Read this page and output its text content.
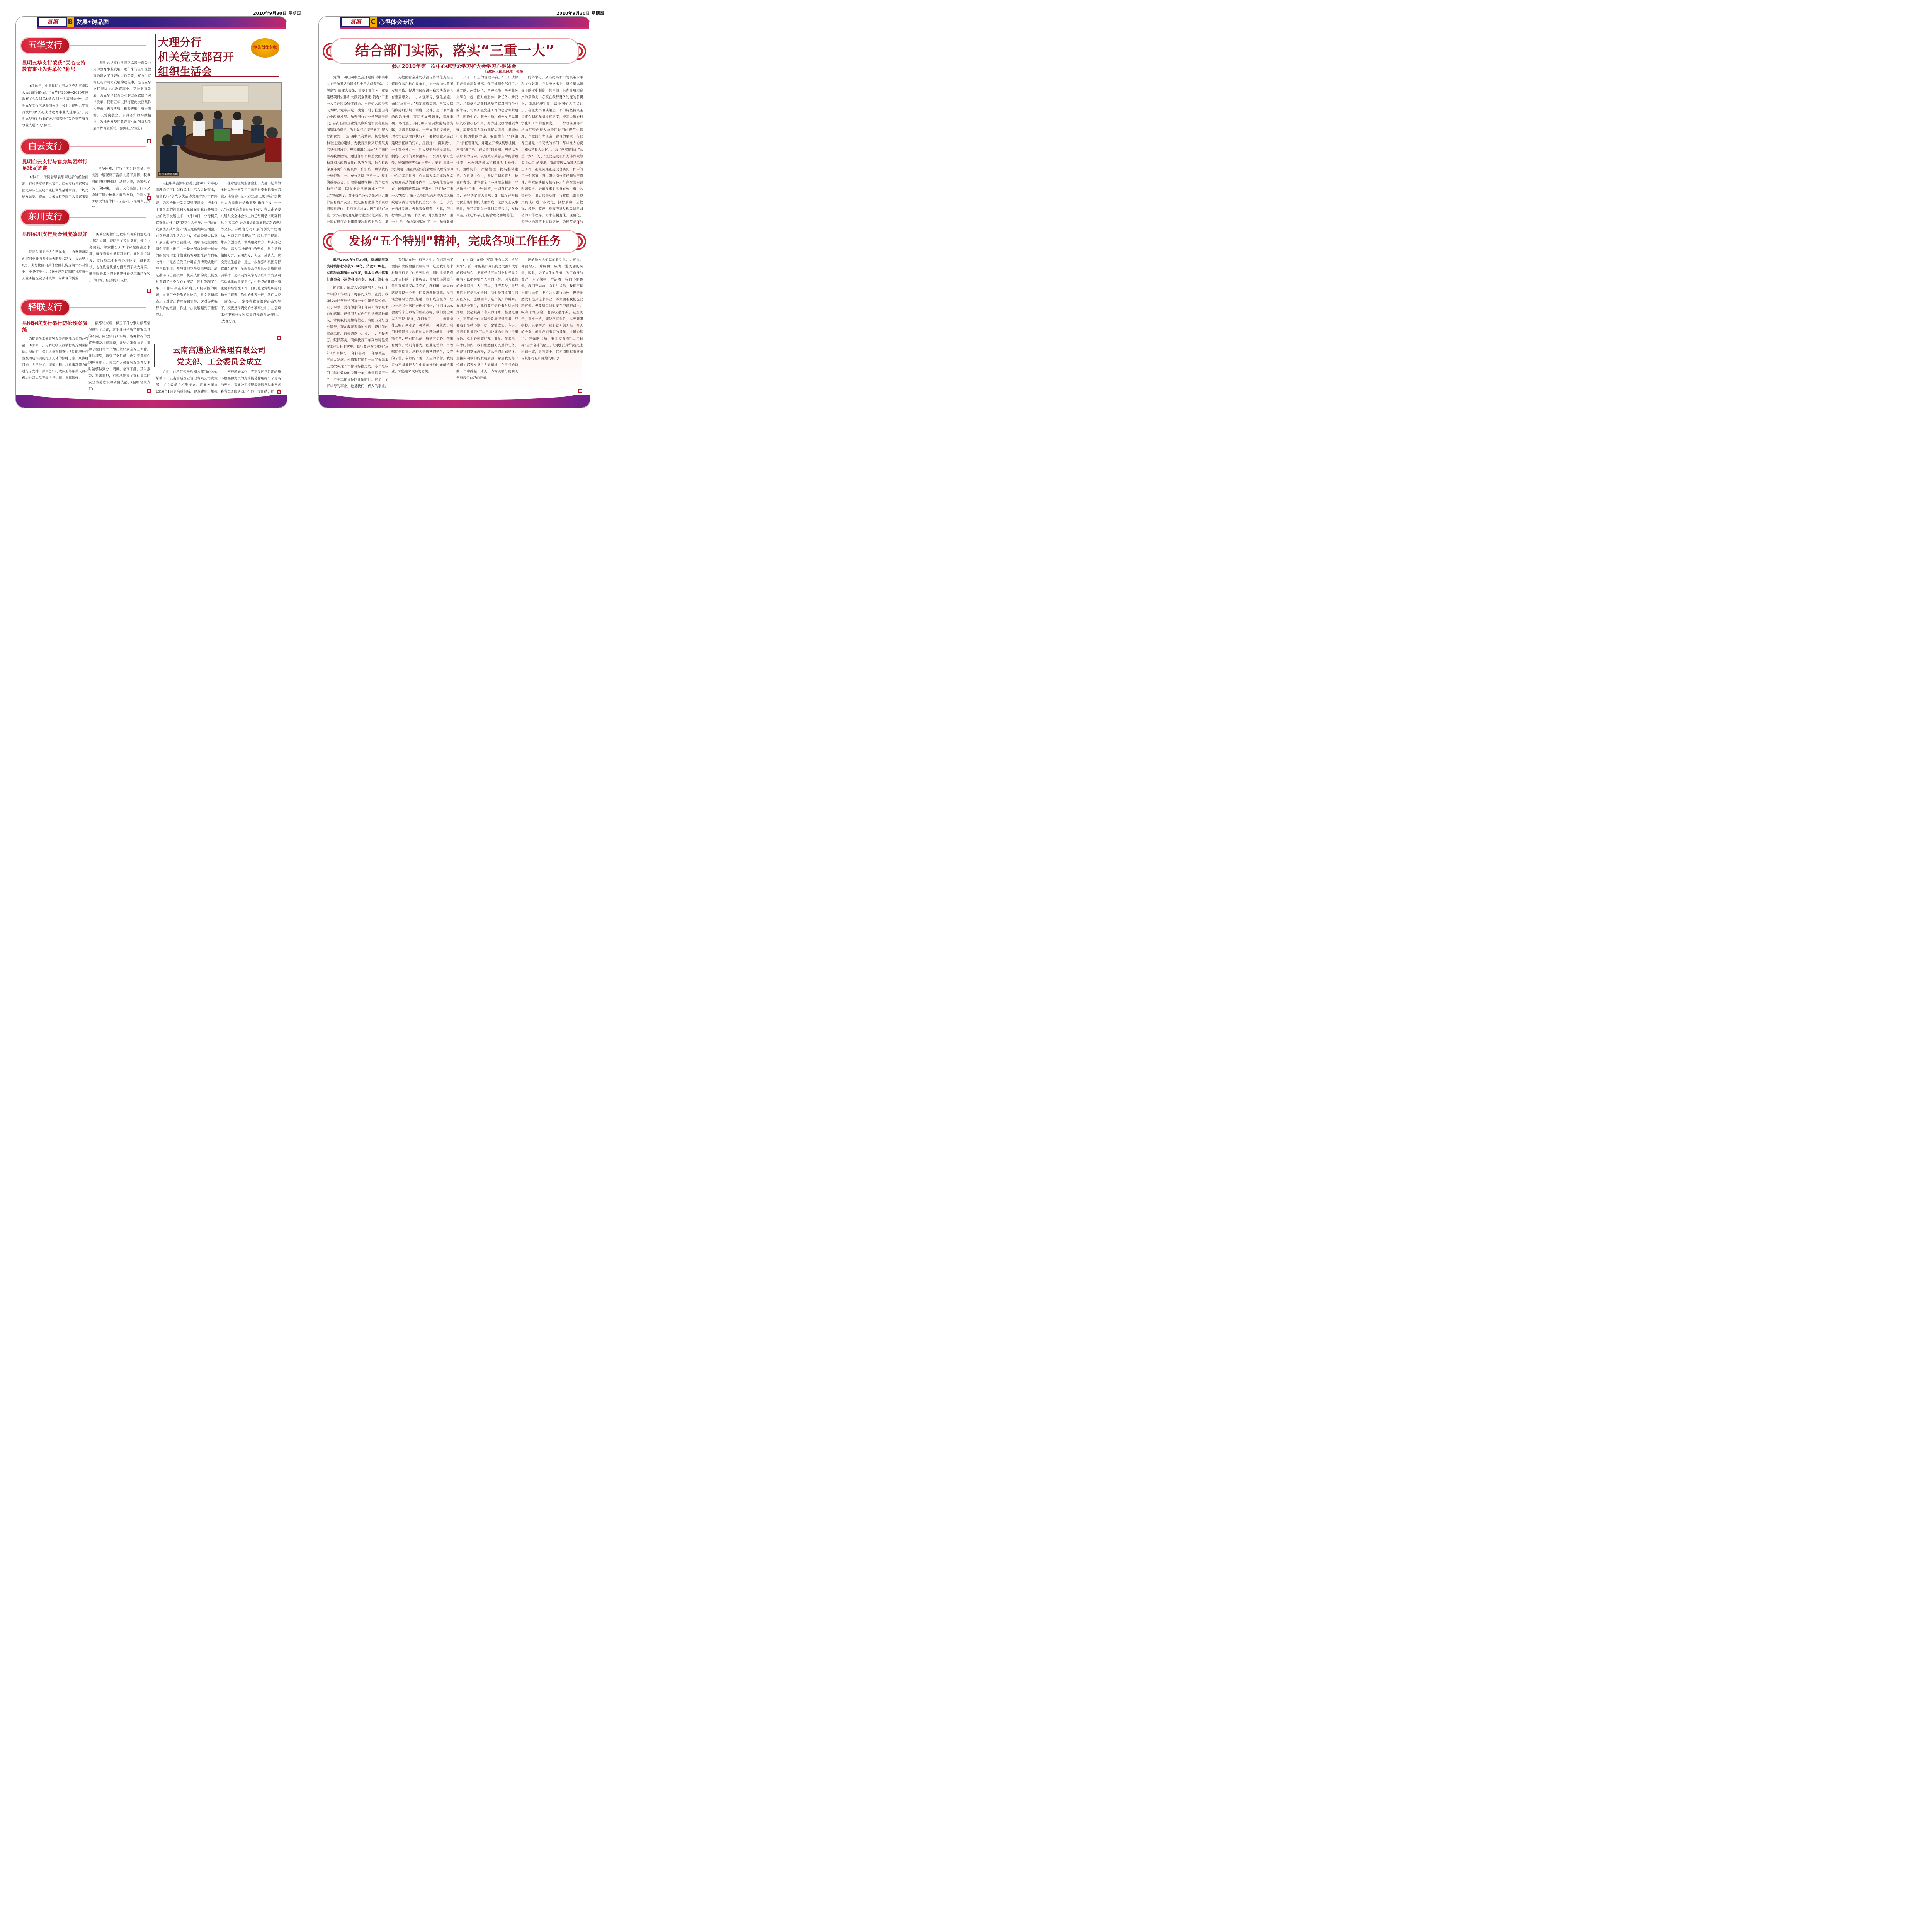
2010年9月30日 星期四	2010年9月30日 星期四
富滇	B 发展•铸品牌
五华支行
昆明五华支行荣获“关心支持教育事业先进单位”称号

9月10日，中共昆明市五华区委和五华区人民政府组织召开“五华区2009—2010年度教育工作先进单位和先进个人表彰大会”，昆明五华支行应邀参加会议。会上，昆明五华支行被评为“关心支持教育事业先进单位”，昆明五华支行行长许永平被授予“关心支持教育事业先进个人”称号。

昆明五华支行自成立以来一直关心支持教育事业发展，近年来与五华区教育局建立了良好的合作关系，双方在互帮互助和共同发展的过程中，昆明五华支行坚持关心教育事业、帮扶教育发展，为五华区教育事业的改革做出了突出贡献。昆明五华支行将把此次获奖作为鞭策，再接再厉，积极进取，勇于创新，以爱岗敬业、求真务实的奉献精神，为推进五华区教育事业的创新和发展工作再立新功。(昆明五华支行)

白云支行
昆明白云支行与官房集团举行足球友谊赛

9月4日，伴随着旱晨细雨过后的丝丝清凉，在和谐友好的气氛中，白云支行与官房集团足球队在昆明市龙江训练基地举行了一场足球友谊赛。赛前，白云支行克服了人员紧张等

诸多困难，进行了充分的准备，在比赛中展现出了富滇人勇于拼搏，积极向前的精神风貌。通过比赛，既锻炼了员工的体魄，丰富了文化生活，同时又增进了银企彼此之间的友谊，为建立更深层次的合作打下了基础。(昆明白云支

东川支行
昆明东川支行晨会制度效果好

昆明东川支行成立两年来，一直坚持每周两次的业务培训和每天的晨会制度。每天早上8点，支行比区内其他金融机构提前半小时营业，业务主管利用10分钟左右的时间对前一天业务情况做总体点评，对出现的新业

务或业务操作过程中出现的问题进行讲解和说明，帮助员工及时掌握，领会业务要领，并安排当天工作和提醒注意事项，确保当天业务顺利进行。通过晨会制度，支行员工不仅在办理速度上得到加快，也在恢复质量方面得到了较大提高，随着服务水平的不断提升得到越来越多客户的好评。(昆明东川支行)

轻联支行
昆明轻联支行举行防抢预案演练

为提高员工处置突发事件的能力和防范技能，9月28日，昆明轻联支行举行防抢预案演练。演练前，保卫人员根据支行所处的地理位置及周边环境制定了具体的演练方案，从演练目的、人员分工、演练过程、注意事项等方面进行了安排，并由总行行政保卫部相关人员和保安公司人员现场进行协调、指挥演练。

演练结束后，保卫干部分别对演练情况进行了点评，就犯罪分子所持作案工具的不同，向全体员工讲解了各种情况的处置要领及注意事项，并结合案例向员工讲解了在日常工作如何做好安全保卫工作。此次演练，增强了支行员工应对突发事件的应变能力，使工作人员在突发事件发生时能够做到分工明确、急而不乱，及时报警、打击罪犯，有效地提高了支行员工的安全防范意识和防范技能。(昆明轻联支行)

大理分行
机关党支部召开
组织生活会
争先创优专栏
组织生活会现场

根据中共富滇银行委员会2010年中心组理论学习计划和民主生活会讨论要求，结合我行“创先争优活动实施方案”工作部署，为积极推进学习型组织建设，把全行干部员工的智慧和力量凝聚到我行各项事业的改革发展上来，9月10日，分行机关党支部召开了以“以学习为先导，争创企面发展优秀共产党员”为主题的组织生活会。在召开组织生活会之前，支部委员会认真开展了批评与自我批评，该项活动主要在两个层面上进行，一是支部首先就一年来的组织管理工作做诚恳客观的批评与自我批评；二是各位党员针对自身情况做批评与自我批评，并与其他党员交流思想。通过批评与自我批评，机关支部的党员们及时看到了自身存在的不足，同时发现了在平日工作中存在的影响员工积极性的问题，在进行充分沟通讨论后，参会党员都表示了对彼此的理解和支持，这对促进我行今后的经营工作进一步发展起到了重要作用。

在专题组织生活会上，支部书记带领全体党员一同学习了云南省委书记秦光荣在云南省委八届八次全会上的讲话“加快扩大内需推进结构调整 确保完成“十一五”经济社会发展目标任务”，在云南省委八届九次全体会议上的总结讲话《明确目标 扎实工作 努力谋划新发展推动新跨越》等文件。并结合分行开展的创先争优活动，对每名党员提出了“带头学习提高，带头争创佳绩，带头服务群众，带头遵纪守法，带头弘扬正气”的要求，参会党员积极发言，表明态度，大家一致认为，这次党组生活会，是进一步加强和巩固分行党组织建设，全面提高党员队伍素质的重要举措，是拓展深入学习实践科学发展观活动成果的重要举措，也是党的建设一项重要的经常性工作，同时也是党组织建设和分行管理工作中的重要一环，我们大家一致表示，一定要在党支部的正确领导下，积极投身到党的各项事业中，在各项工作中充分发挥党员的先锋模范作用。(大理分行)

云南富通企业管理有限公司
党支部、工会委员会成立

近日，在总行领导和相关部门的关心帮助下，云南富通企业管理有限公司党支部、工会委员会相继成立。富通公司自2010年1月更名重组后，建章建制、加强

何开展好工作，真正发挥党组织的战斗堡垒和党员的先锋模范作用提出了更高的要求。富通公司将积极开展各类丰富多彩有意义的活动，打造一支团结、能干的

富滇	C 心得体会专版
结合部门实际，落实“三重一大”
参加2010年第一次中心组理论学习扩大会学习心得体会
行政保卫部总经理　张炬

党的十四届四中全会通过的《中共中央关于加强党的建设几个重大问题的决定》规定“凡属重大决策、重要干部任免、重要建设项目安排和大额资金使用(简称“三重一大”)必须经集体讨论，不准个人或少数人专断。”党中央这一决定，对于推进国有企业改革发展、加强国有企业领导班子建设，搞好国有企业党风廉政建设具有重要而深远的意义。为此总行组织开展了“深入贯彻党的十七届四中全会精神，切实加强和改进党的建设，为我行又快又好发展提供坚强的政治、思想和组织保证”为主题的学习教育活动，通过仔细研读重要的讲话和对相关政策文件的认真学习，结合行政保卫部两年来的具体工作实践，谈谈我的一些想法：一、充分认识“三重一大”规定的重要意义，切实增强贯彻执行的自觉性和责任感。国有企业贯彻落实“三重一大”决策制度，对于防范经营决策风险，维护国有资产安全，促进国有企业改革发展的顺利进行，具有重大意义。国有银行“三重一大”决策制度是银行企业防范风险、促进国有银行企业建设廉洁制度上的有力举

力把国有企业的政治优势转化为经营管理优势和核心竞争力，进一步加快改革发展步伐，促进国民经济平稳较快发展具有重要意义。二、加强领导，强化措施，确保“三重一大”规定取得实效。落实反腐倡廉建设法规、制度、文件，是一项严肃的政治任务，要切实加强领导，高度重视，各地区、部门和单位要紧密结合实际，认真贯彻落实。一要加强组织领导，增强贯彻落实的执行力。要按照党风廉政建设责任制的要求，履行好“一岗双责”，一手抓业务，一手抓反腐倡廉建设法规、制度、文件的贯彻落实。二要抓好学习宣传，增强贯彻落实的自觉性。要把“三重一大”规定、廉正风险防范管理纳入理论学习中心组学习计划，作为深入学习实践科学发展观活动的重要内容。三要强化督促检查，增强贯彻落实的严肃性。要把和“三重一大”规定、廉正风险防范管理作为党风廉政建设责任制考核的重要内容，进一步完善管理制度，强化督促检查。为此，结合行政保卫部的工作实际，对贯彻落实“三重一大”的工作方案概括如下：一、加强队伍

公开、公正的管理平台。1、行政保卫部是由原总务部、保卫部两个部门合并成立的，两拨队伍、两种风格、两种业务交织在一起，面对新形势、新任务、新要求，必须毫不动摇的地坚持党对国有企业的领导，切实加强党建工作的信念和紧迫感。围绕中心、服务大局，充分发挥党组织的政治核心作用，努力建设政治引领力强，凝聚保障力强的基层党组织。根据总行机构调整的方案，我部推行了“联络员”责任管理制，并建立了考核奖惩机制，本着“谁主管，谁负责”的原则，构建以考核评价为导向，以绩效与奖惩挂钩的管理体系，充分调动员工积极性和主动性。2、团结协作，严格管理，提高整体素质。在日常工作中，坚持用制度管人、按流程办事，建立健全了各项规章制度，严格执行“三重一大”制度，定期召开部务会议，研究决定重大事项。3、始终严格执行民主集中制的决策制度，按照民主议事规则，坚持定期召开部门工作会议，发扬民主，推进领导方法的合理化和规范化。

的科学化。从而提高部门的决策水平和工作效率。在财务支出上，坚持集体领导下的审批制度，其中部门经办费用和资产的采购支出必须在我行财务制度的前提下，由总经理审批，决不向个人主义让步。在重大事项决策上，部门将坚持民主议事会制度和招投标制度，提高决策的科学化和工作的透明度。二、行政保卫部严格执行资产投入与费用使用的规范化管理，自觉践行党风廉正建设的要求。行政保卫部是一个花钱的部门，每年经办的费用和资产投入近亿元，为了落实好我行“三重一大”中关于“重要建设项目安排和大额资金使用”的要求，我部要切实加强党风廉正工作，把党风廉正建设落实到工作中的每一个环节，通过强化岗位责任制的严谨性，有效解决制度执行各环节存在的问题和薄弱点。为确保事前监督有效，事中监督严格，事后监督及时，行政保卫部将费用的支出进一步规范，执行采购、招投标、装修、监理、验收决算及相关资料归档的工作程序，力求在制度化、规范化、公开化的程度上有新突破，为规范部门的

发扬“五个特别”精神，完成各项工作任务

截至2010年6月30日，昭通昭阳富滇村镇银行存款5.89亿，贷款2.39亿，实现税前利润500万元，基本完成村镇银行董事会下达的各项任务。9月，该行召

同志们：通过大家共同努力，我行上半年的工作取得了可喜的成绩，在此，我谨代表经营班子向每一个付出辛勤劳动、乐于奉献、爱行如家的干部员工表示最衷心的感谢。正是因为有你们的这些精神融入，才使我们更加有信心、有能力分好这个银行，现在我就当前和今后一段时间的重点工作，再强调以下几点：一、再接再厉、狠抓落实，确保我行三年高效稳健发展工作目标的实现。我行要努力完成好“三年工作目标”，一年打基础、二年创效益、三年大发展。村镇银行运行一年半来基本上是按照这个工作目标推进的。今年是我们二年创效益的关键一年，也是迎接下一个一年半工作目标的开始时间。这是一个百年行的事业，也是我们一代人的事业。

我们站在这个行列之中，我们迎来了激情如火的金融发展时节，这是我们每个村镇银行员工的重要时刻，同时也是我们三年目标的一个转折点，金融市场激烈竞争的现状是无法改变的，我们唯一能做的就是要以一个勇士的姿态迎接挑战，没有谁会轻易让我们超越，我们成立至今，经历一次又一次的磨砺和考验，我们又怎么会害怕来自市场的新挑战呢，我们完全可以大声说“昭通，我们来了！”二、创业是什么呢？创业是一种精神，一种状态。我们村镇银行人应该树立的精神就是：特别能吃苦、特别能忍耐、特别有信心、特别有勇气、特别有作为。创业是苦的，不苦哪能是创业，这种苦是拼搏的辛苦，受挫的辛苦，奉献的辛苦，人生的辛苦。我们只有不断地把人生中最美好的时光献给事业，才能迎来成功的喜悦。

的专家在文章中写到“唯有大苦，方能大乐”。前三年的基础夯实真是大苦和大乐的最佳结合，把握好这三年创业时光就会拥有可以把握整个人生的气势，因为我们的企业同行。人生百年，几度春秋，最经典的不过是几个瞬间，我们是村镇银行的原创人员，也就拥有了这个美好的瞬间。面对这个银行，我们要有信心书写明天的辉煌，就必须拼下今天的汗水，甚至是泪水，不管前进的道路是坎坷还是平坦，只要我们坚持不懈，就一定能成功。今天，是我们拼搏到“三年目标”征途中的一个里程碑，我们必须做好充分准备，在未来一年半时间内，我们依然面对沉重的任务，但是我们别无选择，这三年的基础好坏，直接影响我们的发展后劲，希望我们每一位员工都要发扬主人翁精神，在银行的新的一年中撑起一片天，为村镇银行的明天做出我们自己的贡献。

远的地方人们就能看到你，走近你，你能给人一片绿荫，成为一道美丽的风景，因此，为了人生的价值，为了自身的尊严，为了像树一样活着，我们不能畏惧，我们要向前，向前！当然，我们不是为银行而生，更不会为银行而死，但是既然我们选择这个事业，再大困难我们也要跨过去。但要明白我们要在冲锋的路上，纵有千难万险，也要咬紧牙关，破釜沉舟，背水一战，即使不能全胜，也要顽强拼搏，只要拼过，我们就无怨无悔。今天的大会，就是我们出征的号角，拼搏的号角，冲锋的号角，我们就是在“三年目标”全力奋斗的路上，让我们在新的起点上团结一致，真抓实干，共同创造昭阳富滇村镇银行更加辉煌的明天！
